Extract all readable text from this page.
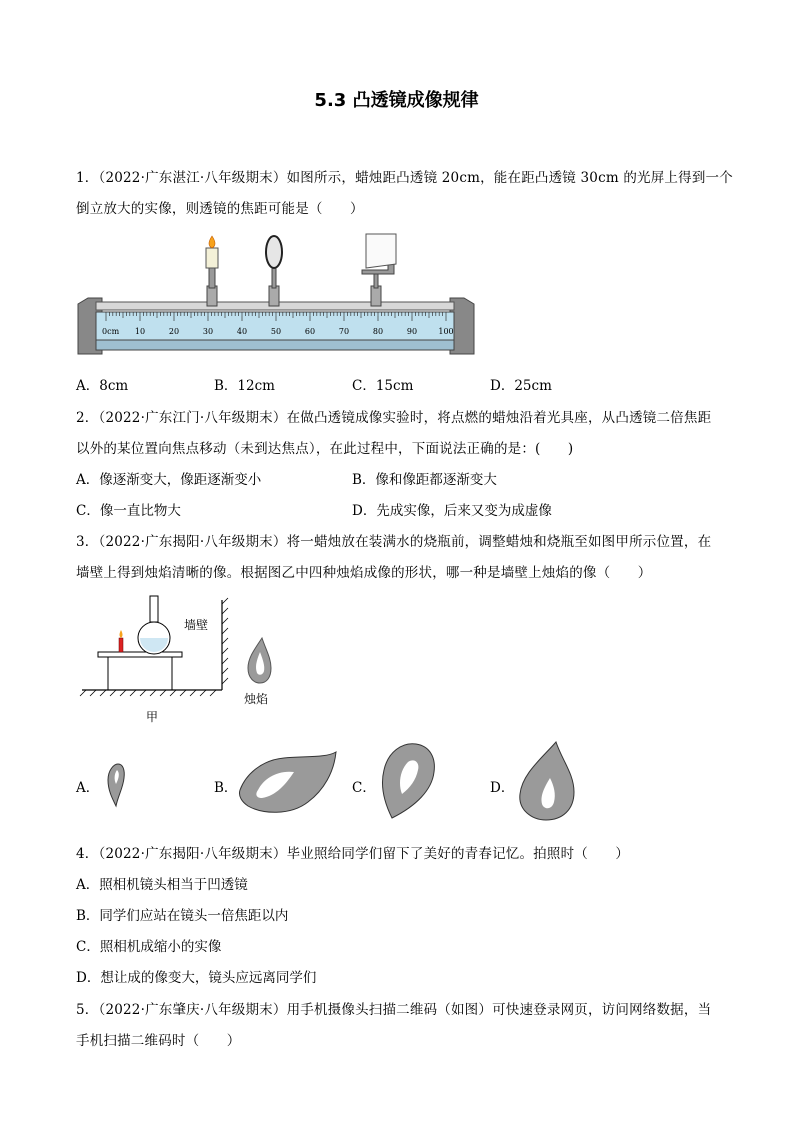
5.3 凸透镜成像规律
1．（2022·广东湛江·八年级期末）如图所示，蜡烛距凸透镜 20cm，能在距凸透镜 30cm 的光屏上得到一个
倒立放大的实像，则透镜的焦距可能是（　　）
0cm 10	20	30	40	50	60	70	80	90	100
A．8cm	B．12cm	C．15cm	D．25cm
2．（2022·广东江门·八年级期末）在做凸透镜成像实验时，将点燃的蜡烛沿着光具座，从凸透镜二倍焦距
以外的某位置向焦点移动（未到达焦点），在此过程中，下面说法正确的是：(　　)
A．像逐渐变大，像距逐渐变小	B．像和像距都逐渐变大
C．像一直比物大	D．先成实像，后来又变为成虚像
3．（2022·广东揭阳·八年级期末）将一蜡烛放在装满水的烧瓶前，调整蜡烛和烧瓶至如图甲所示位置，在
墙壁上得到烛焰清晰的像。根据图乙中四种烛焰成像的形状，哪一种是墙壁上烛焰的像（　　）
墙壁
烛焰
甲
A．	B．	C．	D．
4．（2022·广东揭阳·八年级期末）毕业照给同学们留下了美好的青春记忆。拍照时（　　）
A．照相机镜头相当于凹透镜
B．同学们应站在镜头一倍焦距以内
C．照相机成缩小的实像
D．想让成的像变大，镜头应远离同学们
5．（2022·广东肇庆·八年级期末）用手机摄像头扫描二维码（如图）可快速登录网页，访问网络数据，当
手机扫描二维码时（　　）
